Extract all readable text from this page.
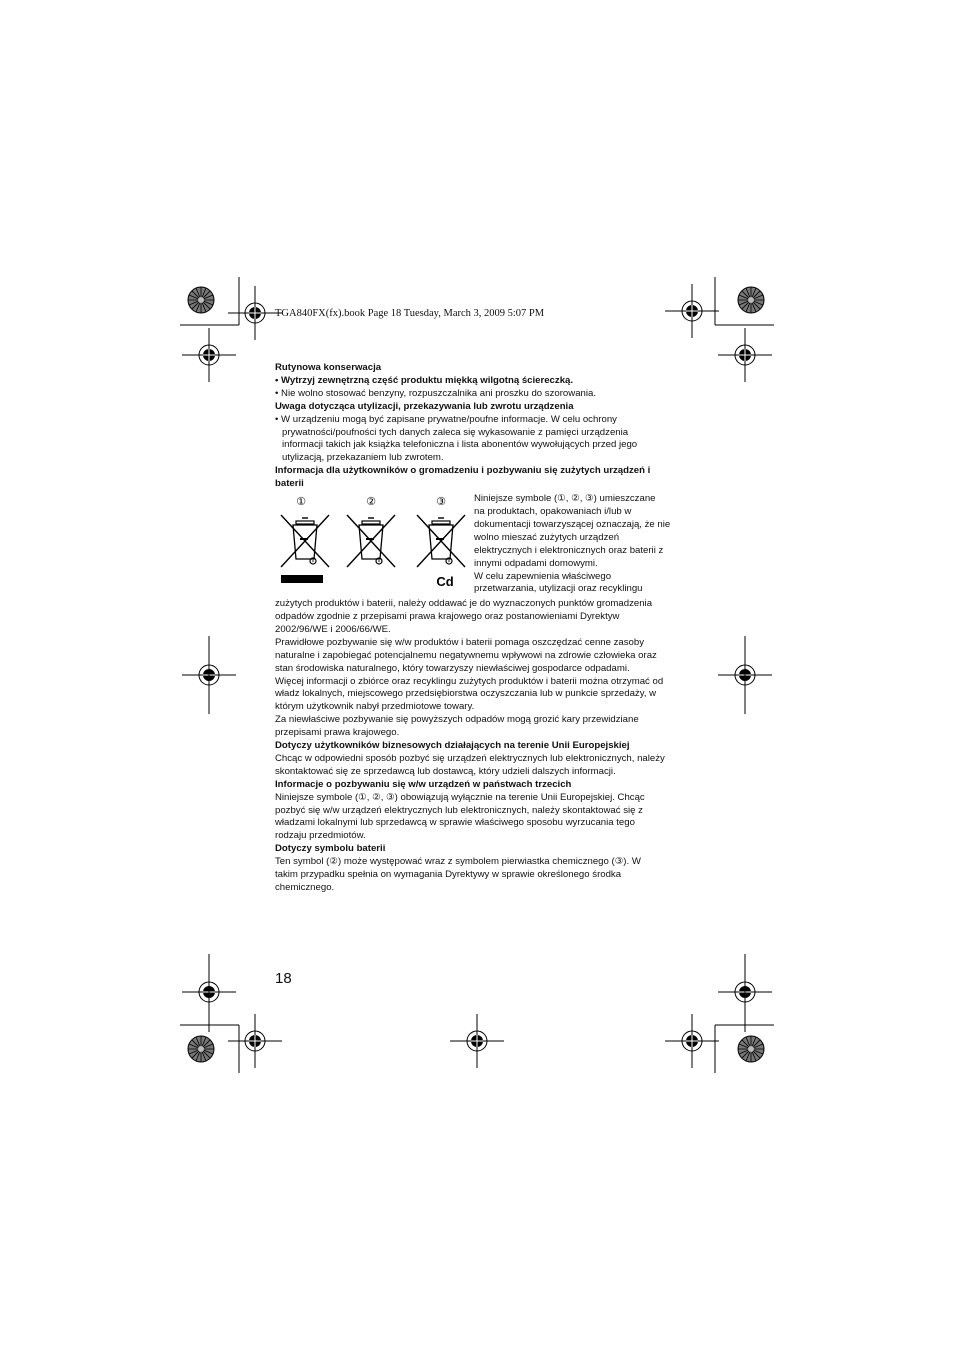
TGA840FX(fx).book Page 18 Tuesday, March 3, 2009 5:07 PM

Rutynowa konserwacja

• Wytrzyj zewnętrzną część produktu miękką wilgotną ściereczką.

• Nie wolno stosować benzyny, rozpuszczalnika ani proszku do szorowania.

Uwaga dotycząca utylizacji, przekazywania lub zwrotu urządzenia

• W urządzeniu mogą być zapisane prywatne/poufne informacje. W celu ochrony

prywatności/poufności tych danych zaleca się wykasowanie z pamięci urządzenia

informacji takich jak książka telefoniczna i lista abonentów wywołujących przed jego

utylizacją, przekazaniem lub zwrotem.

Informacja dla użytkowników o gromadzeniu i pozbywaniu się zużytych urządzeń i

baterii

①	②	③
Cd

Niniejsze symbole (①, ②, ③) umieszczane

na produktach, opakowaniach i/lub w

dokumentacji towarzyszącej oznaczają, że nie

wolno mieszać zużytych urządzeń

elektrycznych i elektronicznych oraz baterii z

innymi odpadami domowymi.

W celu zapewnienia właściwego

przetwarzania, utylizacji oraz recyklingu

zużytych produktów i baterii, należy oddawać je do wyznaczonych punktów gromadzenia

odpadów zgodnie z przepisami prawa krajowego oraz postanowieniami Dyrektyw

2002/96/WE i 2006/66/WE.

Prawidłowe pozbywanie się w/w produktów i baterii pomaga oszczędzać cenne zasoby

naturalne i zapobiegać potencjalnemu negatywnemu wpływowi na zdrowie człowieka oraz

stan środowiska naturalnego, który towarzyszy niewłaściwej gospodarce odpadami.

Więcej informacji o zbiórce oraz recyklingu zużytych produktów i baterii można otrzymać od

władz lokalnych, miejscowego przedsiębiorstwa oczyszczania lub w punkcie sprzedaży, w

którym użytkownik nabył przedmiotowe towary.

Za niewłaściwe pozbywanie się powyższych odpadów mogą grozić kary przewidziane

przepisami prawa krajowego.

Dotyczy użytkowników biznesowych działających na terenie Unii Europejskiej

Chcąc w odpowiedni sposób pozbyć się urządzeń elektrycznych lub elektronicznych, należy

skontaktować się ze sprzedawcą lub dostawcą, który udzieli dalszych informacji.

Informacje o pozbywaniu się w/w urządzeń w państwach trzecich

Niniejsze symbole (①, ②, ③) obowiązują wyłącznie na terenie Unii Europejskiej. Chcąc

pozbyć się w/w urządzeń elektrycznych lub elektronicznych, należy skontaktować się z

władzami lokalnymi lub sprzedawcą w sprawie właściwego sposobu wyrzucania tego

rodzaju przedmiotów.

Dotyczy symbolu baterii

Ten symbol (②) może występować wraz z symbolem pierwiastka chemicznego (③). W

takim przypadku spełnia on wymagania Dyrektywy w sprawie określonego środka

chemicznego.

18
